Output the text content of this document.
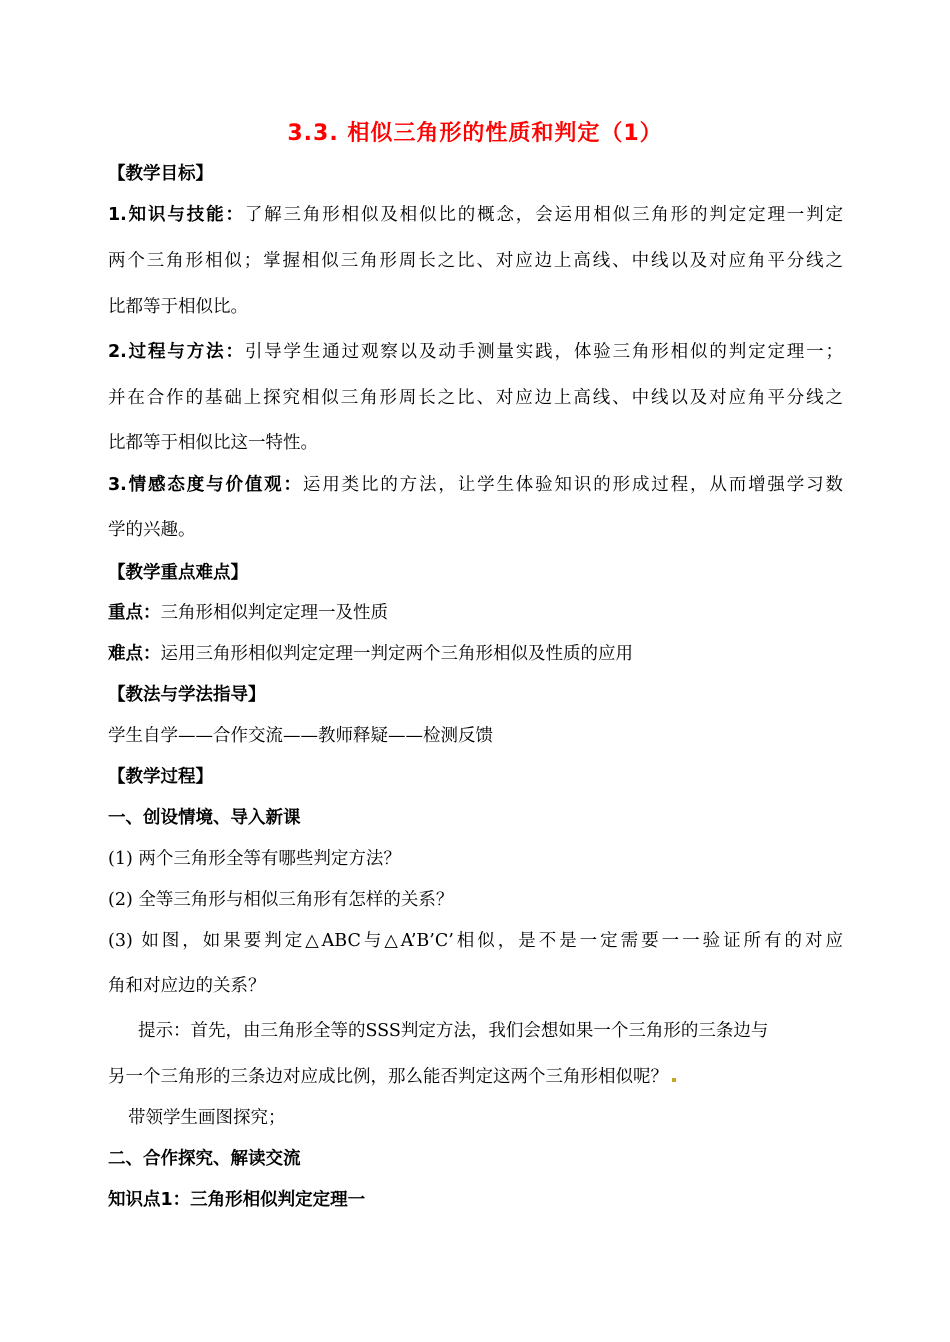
3.3. 相似三角形的性质和判定（1）
【教学目标】
1.知识与技能：了解三角形相似及相似比的概念，会运用相似三角形的判定定理一判定
两个三角形相似；掌握相似三角形周长之比、对应边上高线、中线以及对应角平分线之
比都等于相似比。
2.过程与方法：引导学生通过观察以及动手测量实践，体验三角形相似的判定定理一；
并在合作的基础上探究相似三角形周长之比、对应边上高线、中线以及对应角平分线之
比都等于相似比这一特性。
3.情感态度与价值观：运用类比的方法，让学生体验知识的形成过程，从而增强学习数
学的兴趣。
【教学重点难点】
重点：三角形相似判定定理一及性质
难点：运用三角形相似判定定理一判定两个三角形相似及性质的应用
【教法与学法指导】
学生自学——合作交流——教师释疑——检测反馈
【教学过程】
一、创设情境、导入新课
(1) 两个三角形全等有哪些判定方法？
(2) 全等三角形与相似三角形有怎样的关系？
(3) 如图，如果要判定△ABC与△A’B’C’相似，是不是一定需要一一验证所有的对应
角和对应边的关系？
提示：首先，由三角形全等的SSS判定方法，我们会想如果一个三角形的三条边与
另一个三角形的三条边对应成比例，那么能否判定这两个三角形相似呢？
带领学生画图探究；
二、合作探究、解读交流
知识点1：三角形相似判定定理一
